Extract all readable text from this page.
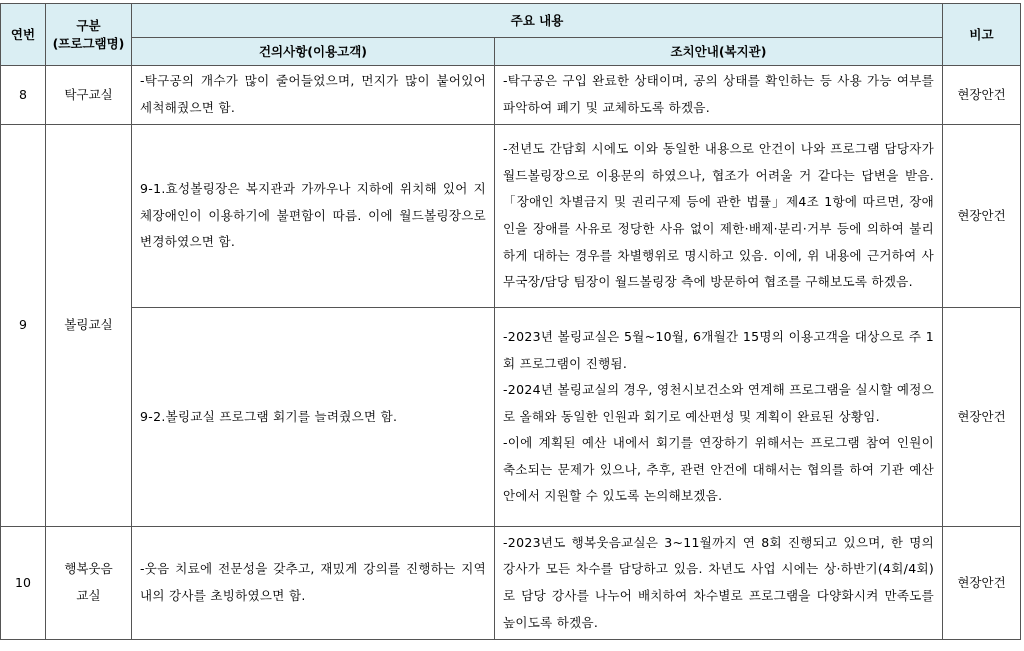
연번	구분
(프로그램명)	주요 내용		비고
		건의사항(이용고객)	조치안내(복지관)	
8	탁구교실	-탁구공의 개수가 많이 줄어들었으며, 먼지가 많이 붙어있어 세척해줬으면 함.	-탁구공은 구입 완료한 상태이며, 공의 상태를 확인하는 등 사용 가능 여부를 파악하여 폐기 및 교체하도록 하겠음.	현장안건
9	볼링교실	9-1.효성볼링장은 복지관과 가까우나 지하에 위치해 있어 지체장애인이 이용하기에 불편함이 따름. 이에 월드볼링장으로 변경하였으면 함.	-전년도 간담회 시에도 이와 동일한 내용으로 안건이 나와 프로그램 담당자가 월드볼링장으로 이용문의 하였으나, 협조가 어려울 거 같다는 답변을 받음.「장애인 차별금지 및 권리구제 등에 관한 법률」제4조 1항에 따르면, 장애인을 장애를 사유로 정당한 사유 없이 제한·배제·분리·거부 등에 의하여 불리하게 대하는 경우를 차별행위로 명시하고 있음. 이에, 위 내용에 근거하여 사무국장/담당 팀장이 월드볼링장 측에 방문하여 협조를 구해보도록 하겠음.	현장안건
		9-2.볼링교실 프로그램 회기를 늘려줬으면 함.	-2023년 볼링교실은 5월~10월, 6개월간 15명의 이용고객을 대상으로 주 1회 프로그램이 진행됨.
-2024년 볼링교실의 경우, 영천시보건소와 연계해 프로그램을 실시할 예정으로 올해와 동일한 인원과 회기로 예산편성 및 계획이 완료된 상황임.
-이에 계획된 예산 내에서 회기를 연장하기 위해서는 프로그램 참여 인원이 축소되는 문제가 있으나, 추후, 관련 안건에 대해서는 협의를 하여 기관 예산 안에서 지원할 수 있도록 논의해보겠음.	현장안건
10	행복웃음
교실	-웃음 치료에 전문성을 갖추고, 재밌게 강의를 진행하는 지역 내의 강사를 초빙하였으면 함.	-2023년도 행복웃음교실은 3~11월까지 연 8회 진행되고 있으며, 한 명의 강사가 모든 차수를 담당하고 있음. 차년도 사업 시에는 상·하반기(4회/4회)로 담당 강사를 나누어 배치하여 차수별로 프로그램을 다양화시켜 만족도를 높이도록 하겠음.	현장안건
